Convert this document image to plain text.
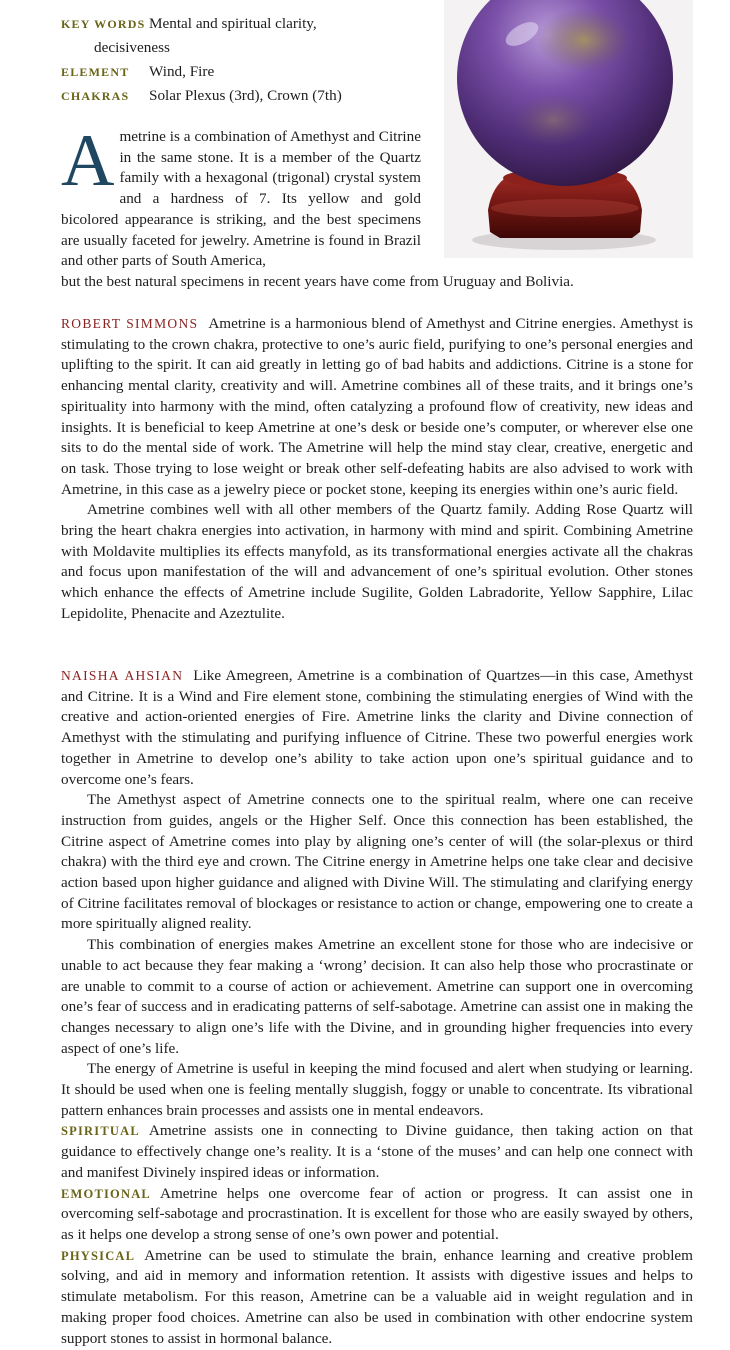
KEY WORDS Mental and spiritual clarity,
decisiveness
ELEMENT Wind, Fire
CHAKRAS Solar Plexus (3rd), Crown (7th)
Ametrine is a combination of Amethyst and Citrine in the same stone. It is a member of the Quartz family with a hexagonal (trigonal) crystal system and a hardness of 7. Its yellow and gold bicolored appearance is striking, and the best specimens are usually faceted for jewelry. Ametrine is found in Brazil and other parts of South America,
but the best natural specimens in recent years have come from Uruguay and Bolivia.

ROBERT SIMMONS Ametrine is a harmonious blend of Amethyst and Citrine energies. Amethyst is stimulating to the crown chakra, protective to one’s auric field, purifying to one’s personal energies and uplifting to the spirit. It can aid greatly in letting go of bad habits and addictions. Citrine is a stone for enhancing mental clarity, creativity and will. Ametrine combines all of these traits, and it brings one’s spirituality into harmony with the mind, often catalyzing a profound flow of creativity, new ideas and insights. It is beneficial to keep Ametrine at one’s desk or beside one’s computer, or wherever else one sits to do the mental side of work. The Ametrine will help the mind stay clear, creative, energetic and on task. Those trying to lose weight or break other self-defeating habits are also advised to work with Ametrine, in this case as a jewelry piece or pocket stone, keeping its energies within one’s auric field.

Ametrine combines well with all other members of the Quartz family. Adding Rose Quartz will bring the heart chakra energies into activation, in harmony with mind and spirit. Combining Ametrine with Moldavite multiplies its effects manyfold, as its transformational energies activate all the chakras and focus upon manifestation of the will and advancement of one’s spiritual evolution. Other stones which enhance the effects of Ametrine include Sugilite, Golden Labradorite, Yellow Sapphire, Lilac Lepidolite, Phenacite and Azeztulite.

NAISHA AHSIAN Like Amegreen, Ametrine is a combination of Quartzes—in this case, Amethyst and Citrine. It is a Wind and Fire element stone, combining the stimulating energies of Wind with the creative and action-oriented energies of Fire. Ametrine links the clarity and Divine connection of Amethyst with the stimulating and purifying influence of Citrine. These two powerful energies work together in Ametrine to develop one’s ability to take action upon one’s spiritual guidance and to overcome one’s fears.

The Amethyst aspect of Ametrine connects one to the spiritual realm, where one can receive instruction from guides, angels or the Higher Self. Once this connection has been established, the Citrine aspect of Ametrine comes into play by aligning one’s center of will (the solar-plexus or third chakra) with the third eye and crown. The Citrine energy in Ametrine helps one take clear and decisive action based upon higher guidance and aligned with Divine Will. The stimulating and clarifying energy of Citrine facilitates removal of blockages or resistance to action or change, empowering one to create a more spiritually aligned reality.

This combination of energies makes Ametrine an excellent stone for those who are indecisive or unable to act because they fear making a ‘wrong’ decision. It can also help those who procrastinate or are unable to commit to a course of action or achievement. Ametrine can support one in overcoming one’s fear of success and in eradicating patterns of self-sabotage. Ametrine can assist one in making the changes necessary to align one’s life with the Divine, and in grounding higher frequencies into every aspect of one’s life.

The energy of Ametrine is useful in keeping the mind focused and alert when studying or learning. It should be used when one is feeling mentally sluggish, foggy or unable to concentrate. Its vibrational pattern enhances brain processes and assists one in mental endeavors.

SPIRITUAL Ametrine assists one in connecting to Divine guidance, then taking action on that guidance to effectively change one’s reality. It is a ‘stone of the muses’ and can help one connect with and manifest Divinely inspired ideas or information.

EMOTIONAL Ametrine helps one overcome fear of action or progress. It can assist one in overcoming self-sabotage and procrastination. It is excellent for those who are easily swayed by others, as it helps one develop a strong sense of one’s own power and potential.

PHYSICAL Ametrine can be used to stimulate the brain, enhance learning and creative problem solving, and aid in memory and information retention. It assists with digestive issues and helps to stimulate metabolism. For this reason, Ametrine can be a valuable aid in weight regulation and in making proper food choices. Ametrine can also be used in combination with other endocrine system support stones to assist in hormonal balance.
